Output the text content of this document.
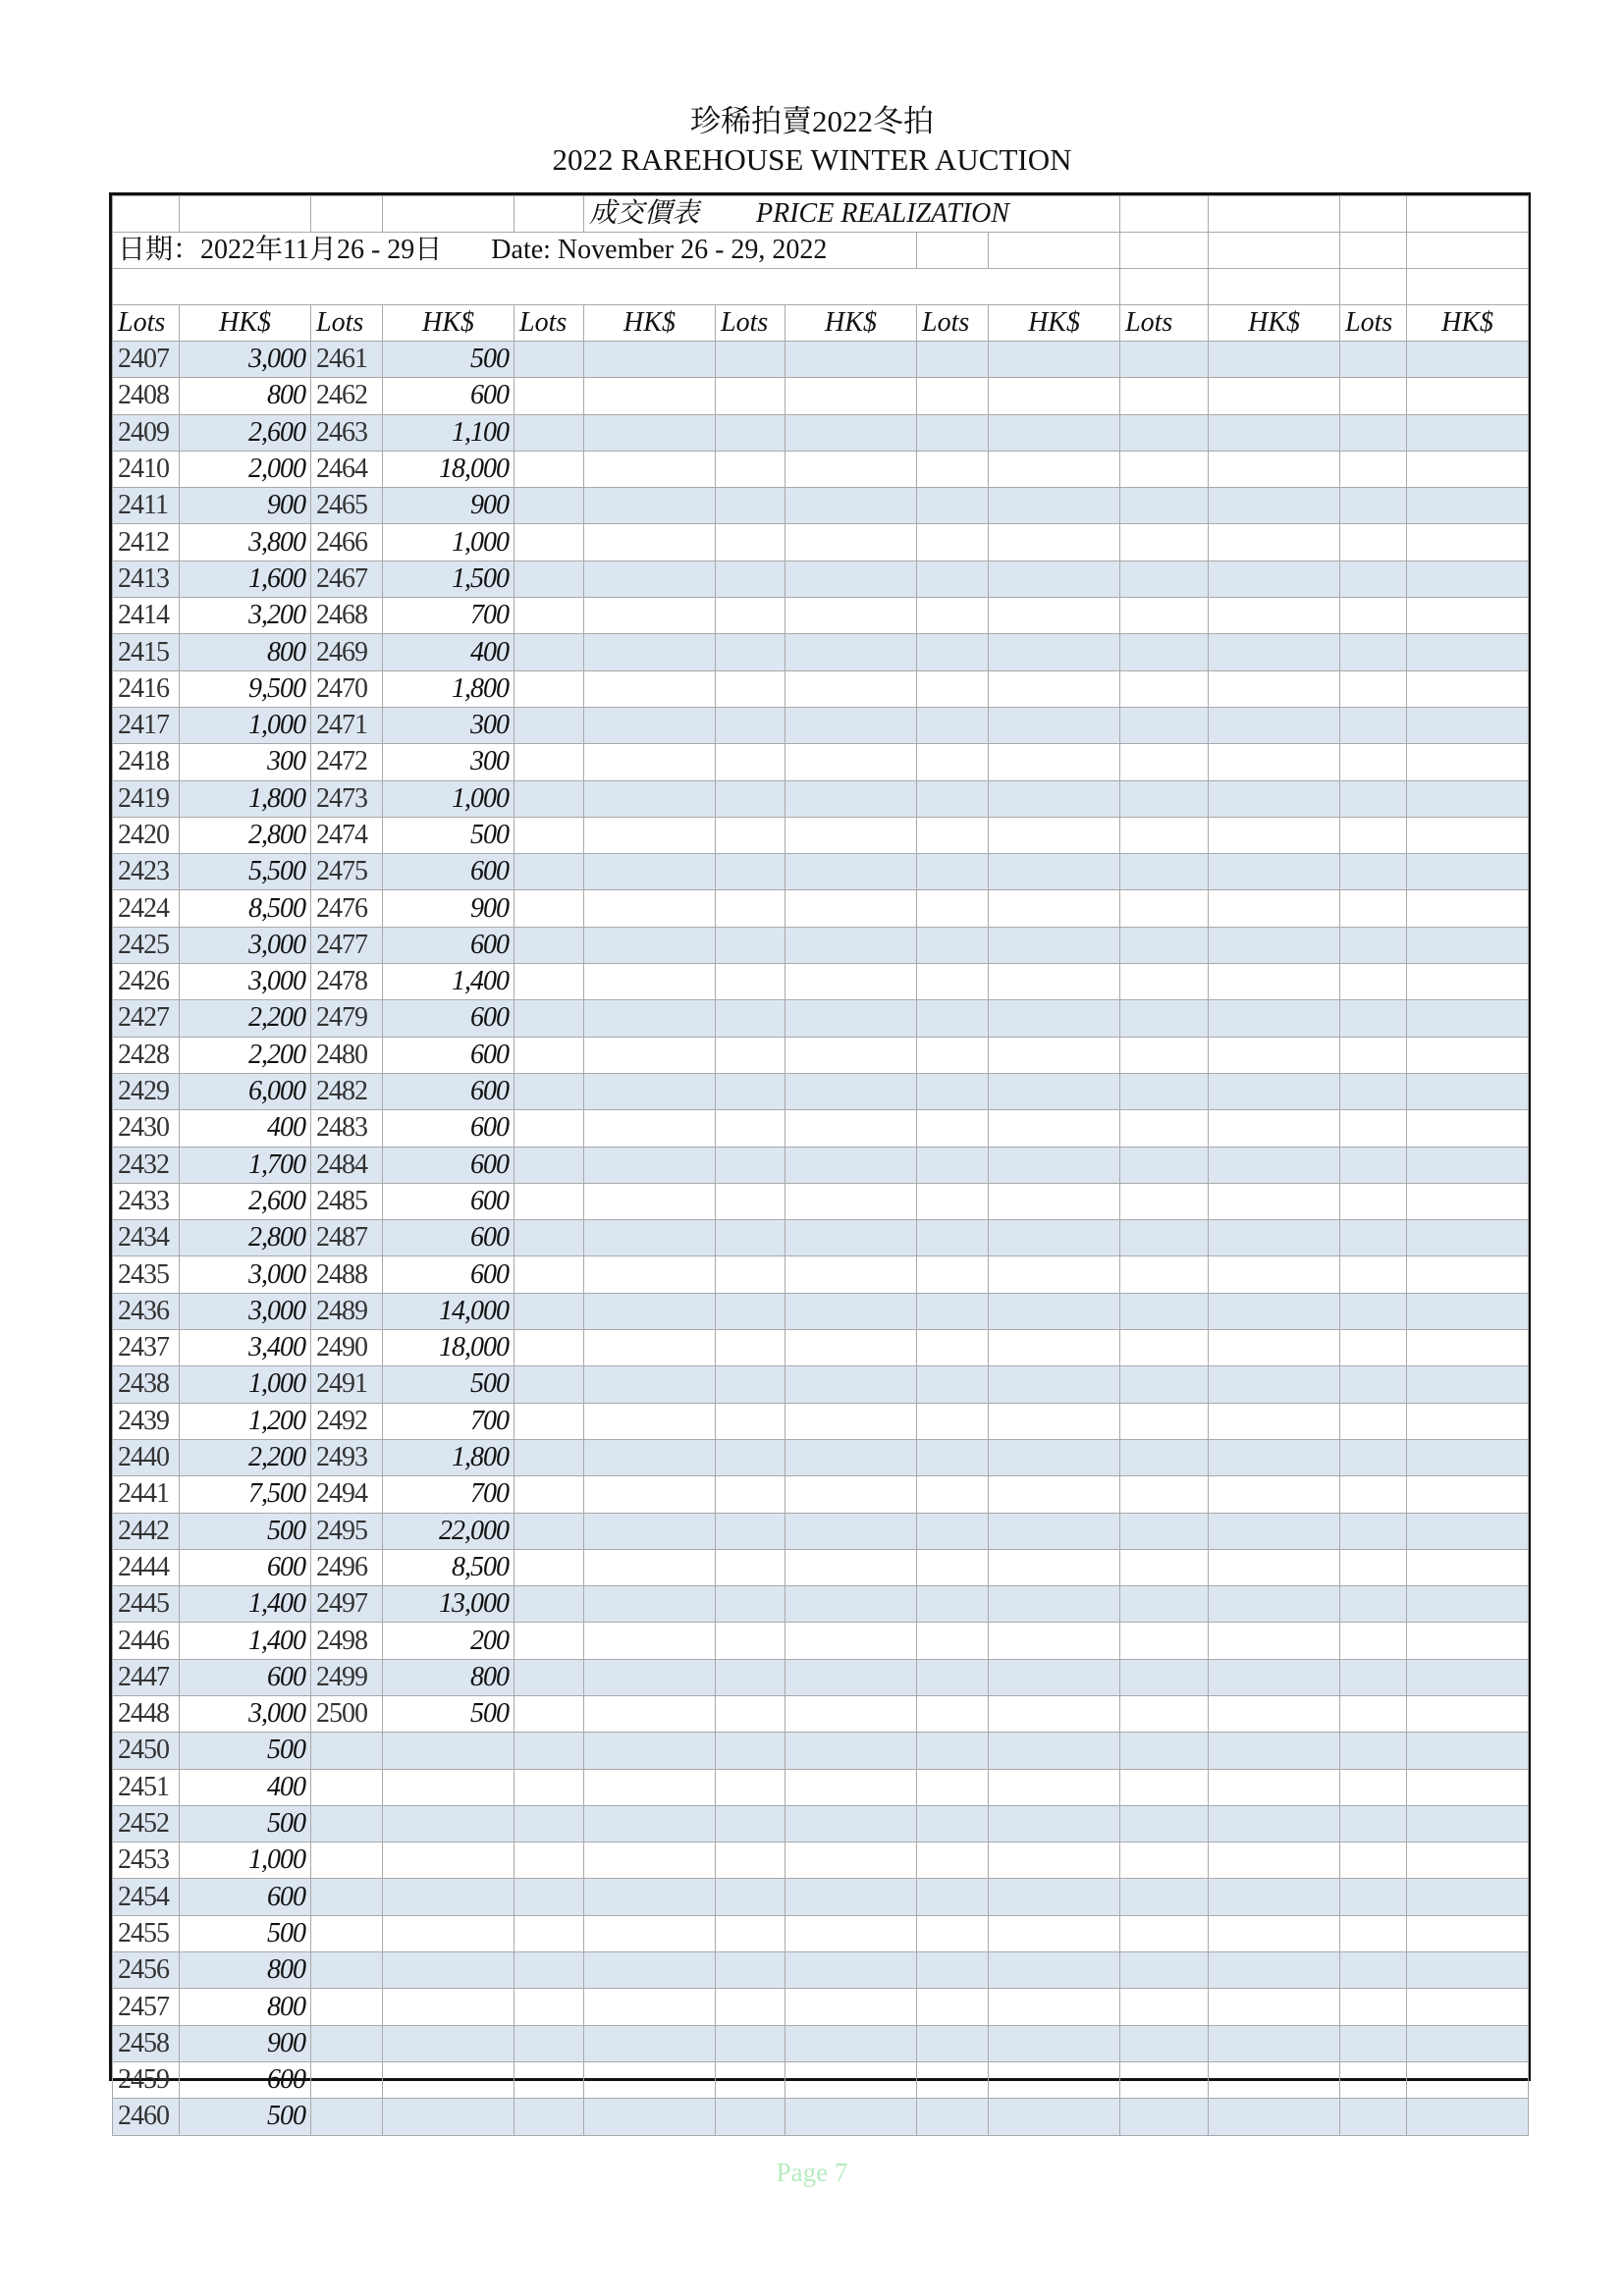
珍稀拍賣2022冬拍
2022 RAREHOUSE WINTER AUCTION
					成交價表 PRICE REALIZATION								
日期：2022年11月26 - 29日 Date: November 26 - 29, 2022													

Lots	HK$	Lots	HK$	Lots	HK$	Lots	HK$	Lots	HK$	Lots	HK$	Lots	HK$
2407	3,000	2461	500										
2408	800	2462	600										
2409	2,600	2463	1,100										
2410	2,000	2464	18,000										
2411	900	2465	900										
2412	3,800	2466	1,000										
2413	1,600	2467	1,500										
2414	3,200	2468	700										
2415	800	2469	400										
2416	9,500	2470	1,800										
2417	1,000	2471	300										
2418	300	2472	300										
2419	1,800	2473	1,000										
2420	2,800	2474	500										
2423	5,500	2475	600										
2424	8,500	2476	900										
2425	3,000	2477	600										
2426	3,000	2478	1,400										
2427	2,200	2479	600										
2428	2,200	2480	600										
2429	6,000	2482	600										
2430	400	2483	600										
2432	1,700	2484	600										
2433	2,600	2485	600										
2434	2,800	2487	600										
2435	3,000	2488	600										
2436	3,000	2489	14,000										
2437	3,400	2490	18,000										
2438	1,000	2491	500										
2439	1,200	2492	700										
2440	2,200	2493	1,800										
2441	7,500	2494	700										
2442	500	2495	22,000										
2444	600	2496	8,500										
2445	1,400	2497	13,000										
2446	1,400	2498	200										
2447	600	2499	800										
2448	3,000	2500	500										
2450	500												
2451	400												
2452	500												
2453	1,000												
2454	600												
2455	500												
2456	800												
2457	800												
2458	900												
2459	600												
2460	500												
Page 7
